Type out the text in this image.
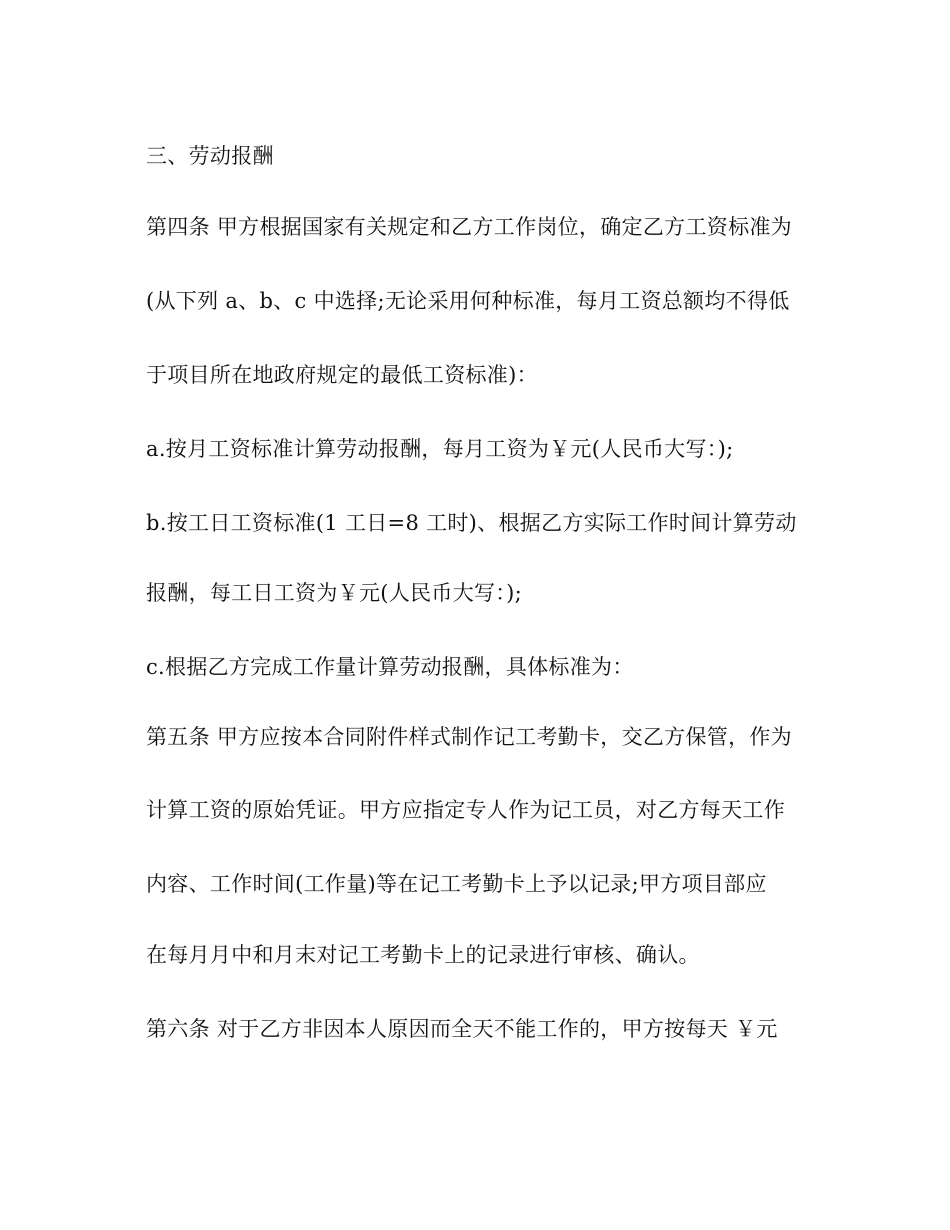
三、劳动报酬

第四条 甲方根据国家有关规定和乙方工作岗位，确定乙方工资标准为

(从下列 a、b、c 中选择;无论采用何种标准，每月工资总额均不得低

于项目所在地政府规定的最低工资标准)：

a.按月工资标准计算劳动报酬，每月工资为￥元(人民币大写：);

b.按工日工资标准(1 工日=8 工时)、根据乙方实际工作时间计算劳动

报酬，每工日工资为￥元(人民币大写：);

c.根据乙方完成工作量计算劳动报酬，具体标准为：

第五条 甲方应按本合同附件样式制作记工考勤卡，交乙方保管，作为

计算工资的原始凭证。甲方应指定专人作为记工员，对乙方每天工作

内容、工作时间(工作量)等在记工考勤卡上予以记录;甲方项目部应

在每月月中和月末对记工考勤卡上的记录进行审核、确认。

第六条 对于乙方非因本人原因而全天不能工作的，甲方按每天 ￥元
